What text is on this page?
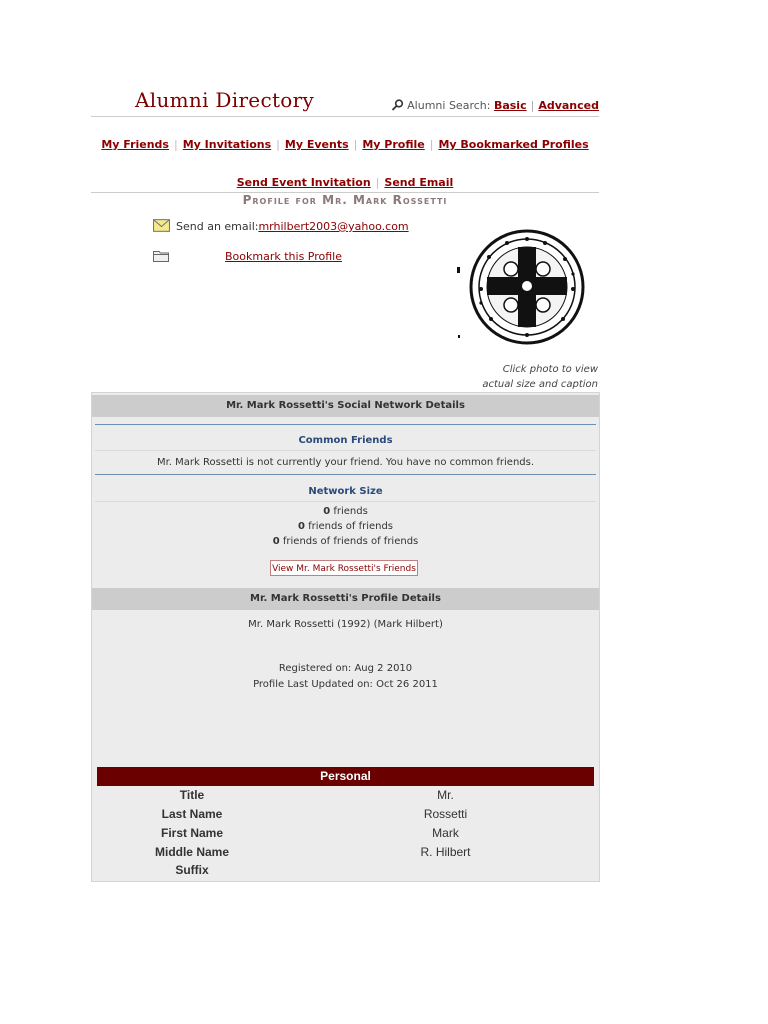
Alumni Directory	Alumni Search: Basic | Advanced
My Friends | My Invitations | My Events | My Profile | My Bookmarked Profiles
Send Event Invitation | Send Email
Profile for Mr. Mark Rossetti
Send an email:mrhilbert2003@yahoo.com
Bookmark this Profile
Click photo to view
actual size and caption
Mr. Mark Rossetti's Social Network Details
Common Friends
Mr. Mark Rossetti is not currently your friend. You have no common friends.
Network Size
0 friends
0 friends of friends
0 friends of friends of friends
View Mr. Mark Rossetti's Friends
Mr. Mark Rossetti's Profile Details
Mr. Mark Rossetti (1992) (Mark Hilbert)
Registered on: Aug 2 2010
Profile Last Updated on: Oct 26 2011
Personal
Title	Mr.
Last Name	Rossetti
First Name	Mark
Middle Name	R. Hilbert
Suffix
